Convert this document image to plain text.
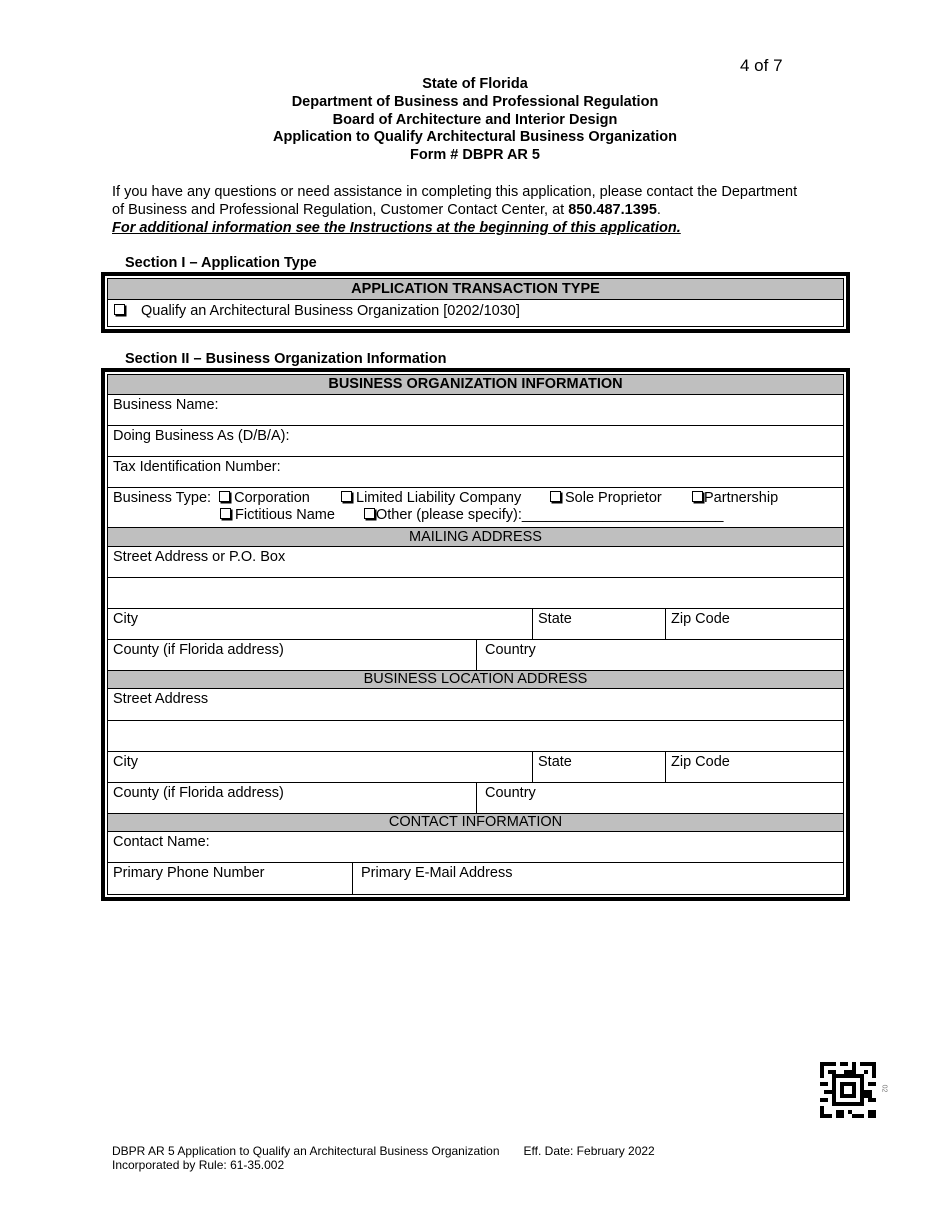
4 of 7
State of Florida
Department of Business and Professional Regulation
Board of Architecture and Interior Design
Application to Qualify Architectural Business Organization
Form # DBPR AR 5
If you have any questions or need assistance in completing this application, please contact the Department of Business and Professional Regulation, Customer Contact Center, at 850.487.1395.
For additional information see the Instructions at the beginning of this application.
Section I – Application Type
APPLICATION TRANSACTION TYPE
Qualify an Architectural Business Organization [0202/1030]
Section II – Business Organization Information
BUSINESS ORGANIZATION INFORMATION
Business Name:
Doing Business As (D/B/A):
Tax Identification Number:
Business Type: Corporation	Limited Liability Company	Sole Proprietor	Partnership
Fictitious Name	Other (please specify):_________________________
MAILING ADDRESS
Street Address or P.O. Box
City	State	Zip Code
County (if Florida address)	Country
BUSINESS LOCATION ADDRESS
Street Address
City	State	Zip Code
County (if Florida address)	Country
CONTACT INFORMATION
Contact Name:
Primary Phone Number	Primary E-Mail Address
02
DBPR AR 5 Application to Qualify an Architectural Business Organization Eff. Date: February 2022
Incorporated by Rule: 61-35.002
